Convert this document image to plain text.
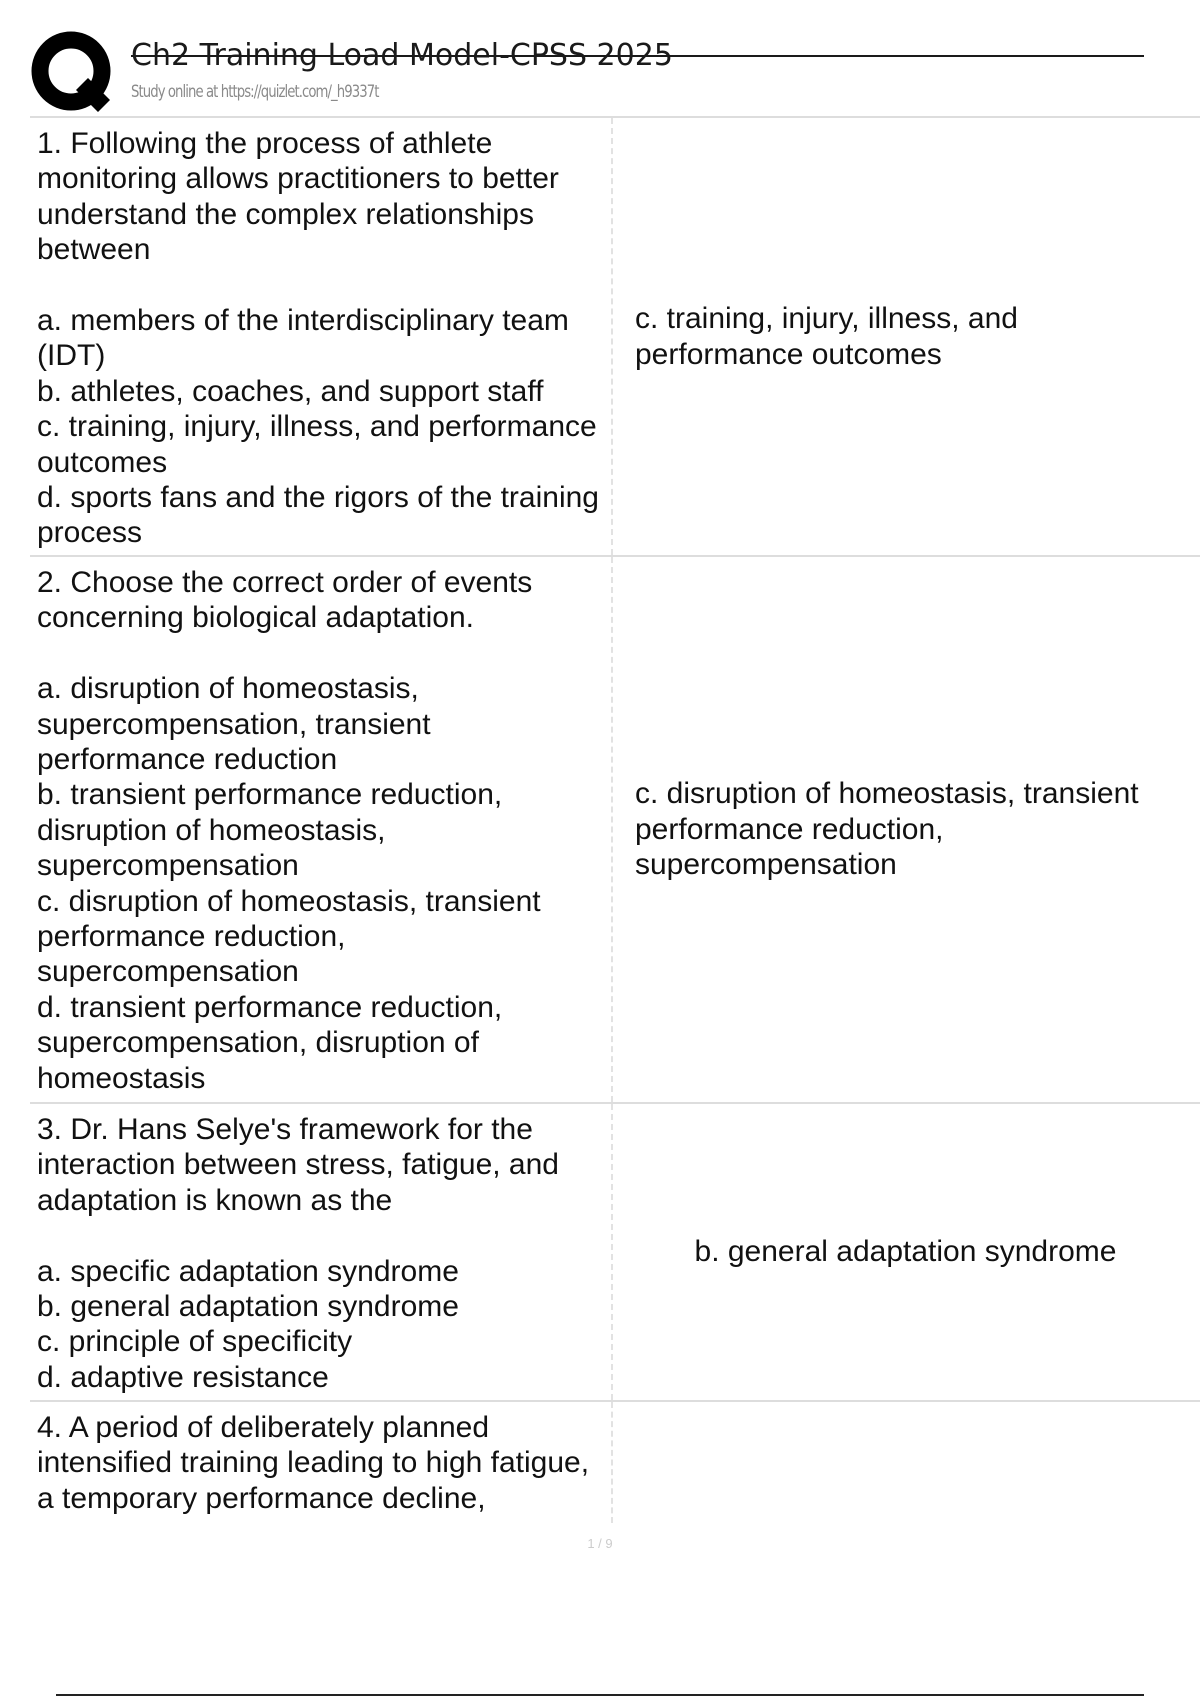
Ch2 Training Load Model-CPSS 2025
Study online at https://quizlet.com/_h9337t
1. Following the process of athlete monitoring allows practitioners to better understand the complex relationships between

a. members of the interdisciplinary team (IDT)
b. athletes, coaches, and support staff
c. training, injury, illness, and performance outcomes
d. sports fans and the rigors of the training process
c. training, injury, illness, and performance outcomes
2. Choose the correct order of events concerning biological adaptation.

a. disruption of homeostasis, supercompensation, transient performance reduction
b. transient performance reduction, disruption of homeostasis, supercompensation
c. disruption of homeostasis, transient performance reduction, supercompensation
d. transient performance reduction, supercompensation, disruption of homeostasis
c. disruption of homeostasis, transient performance reduction, supercompensation
3. Dr. Hans Selye's framework for the interaction between stress, fatigue, and adaptation is known as the

a. specific adaptation syndrome
b. general adaptation syndrome
c. principle of specificity
d. adaptive resistance
b. general adaptation syndrome
4. A period of deliberately planned intensified training leading to high fatigue, a temporary performance decline,
1 / 9
